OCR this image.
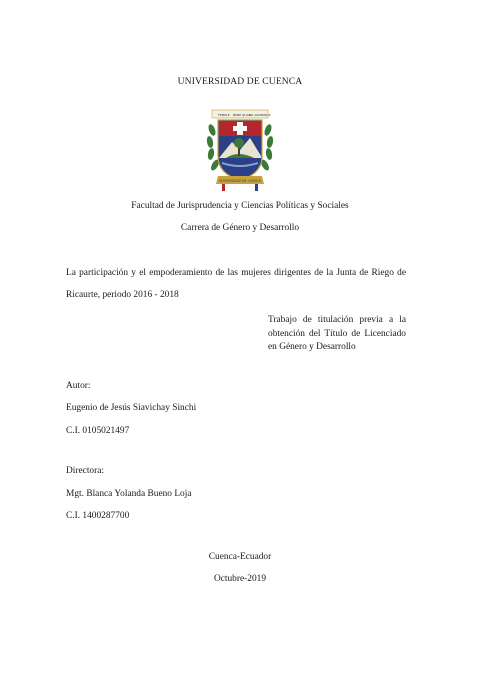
UNIVERSIDAD DE CUENCA
TEMPLE BENE QUAE
AD ASCENSUS
UNIVERSIDAD DE CUENCA
Facultad de Jurisprudencia y Ciencias Políticas y Sociales
Carrera de Género y Desarrollo
La participación y el empoderamiento de las mujeres dirigentes de la Junta de Riego de Ricaurte, periodo 2016 - 2018
Trabajo de titulación previa a la obtención del Título de Licenciado en Género y Desarrollo
Autor:
Eugenio de Jesús Siavichay Sinchi
C.I. 0105021497
Directora:
Mgt. Blanca Yolanda Bueno Loja
C.I. 1400287700
Cuenca-Ecuador
Octubre-2019
